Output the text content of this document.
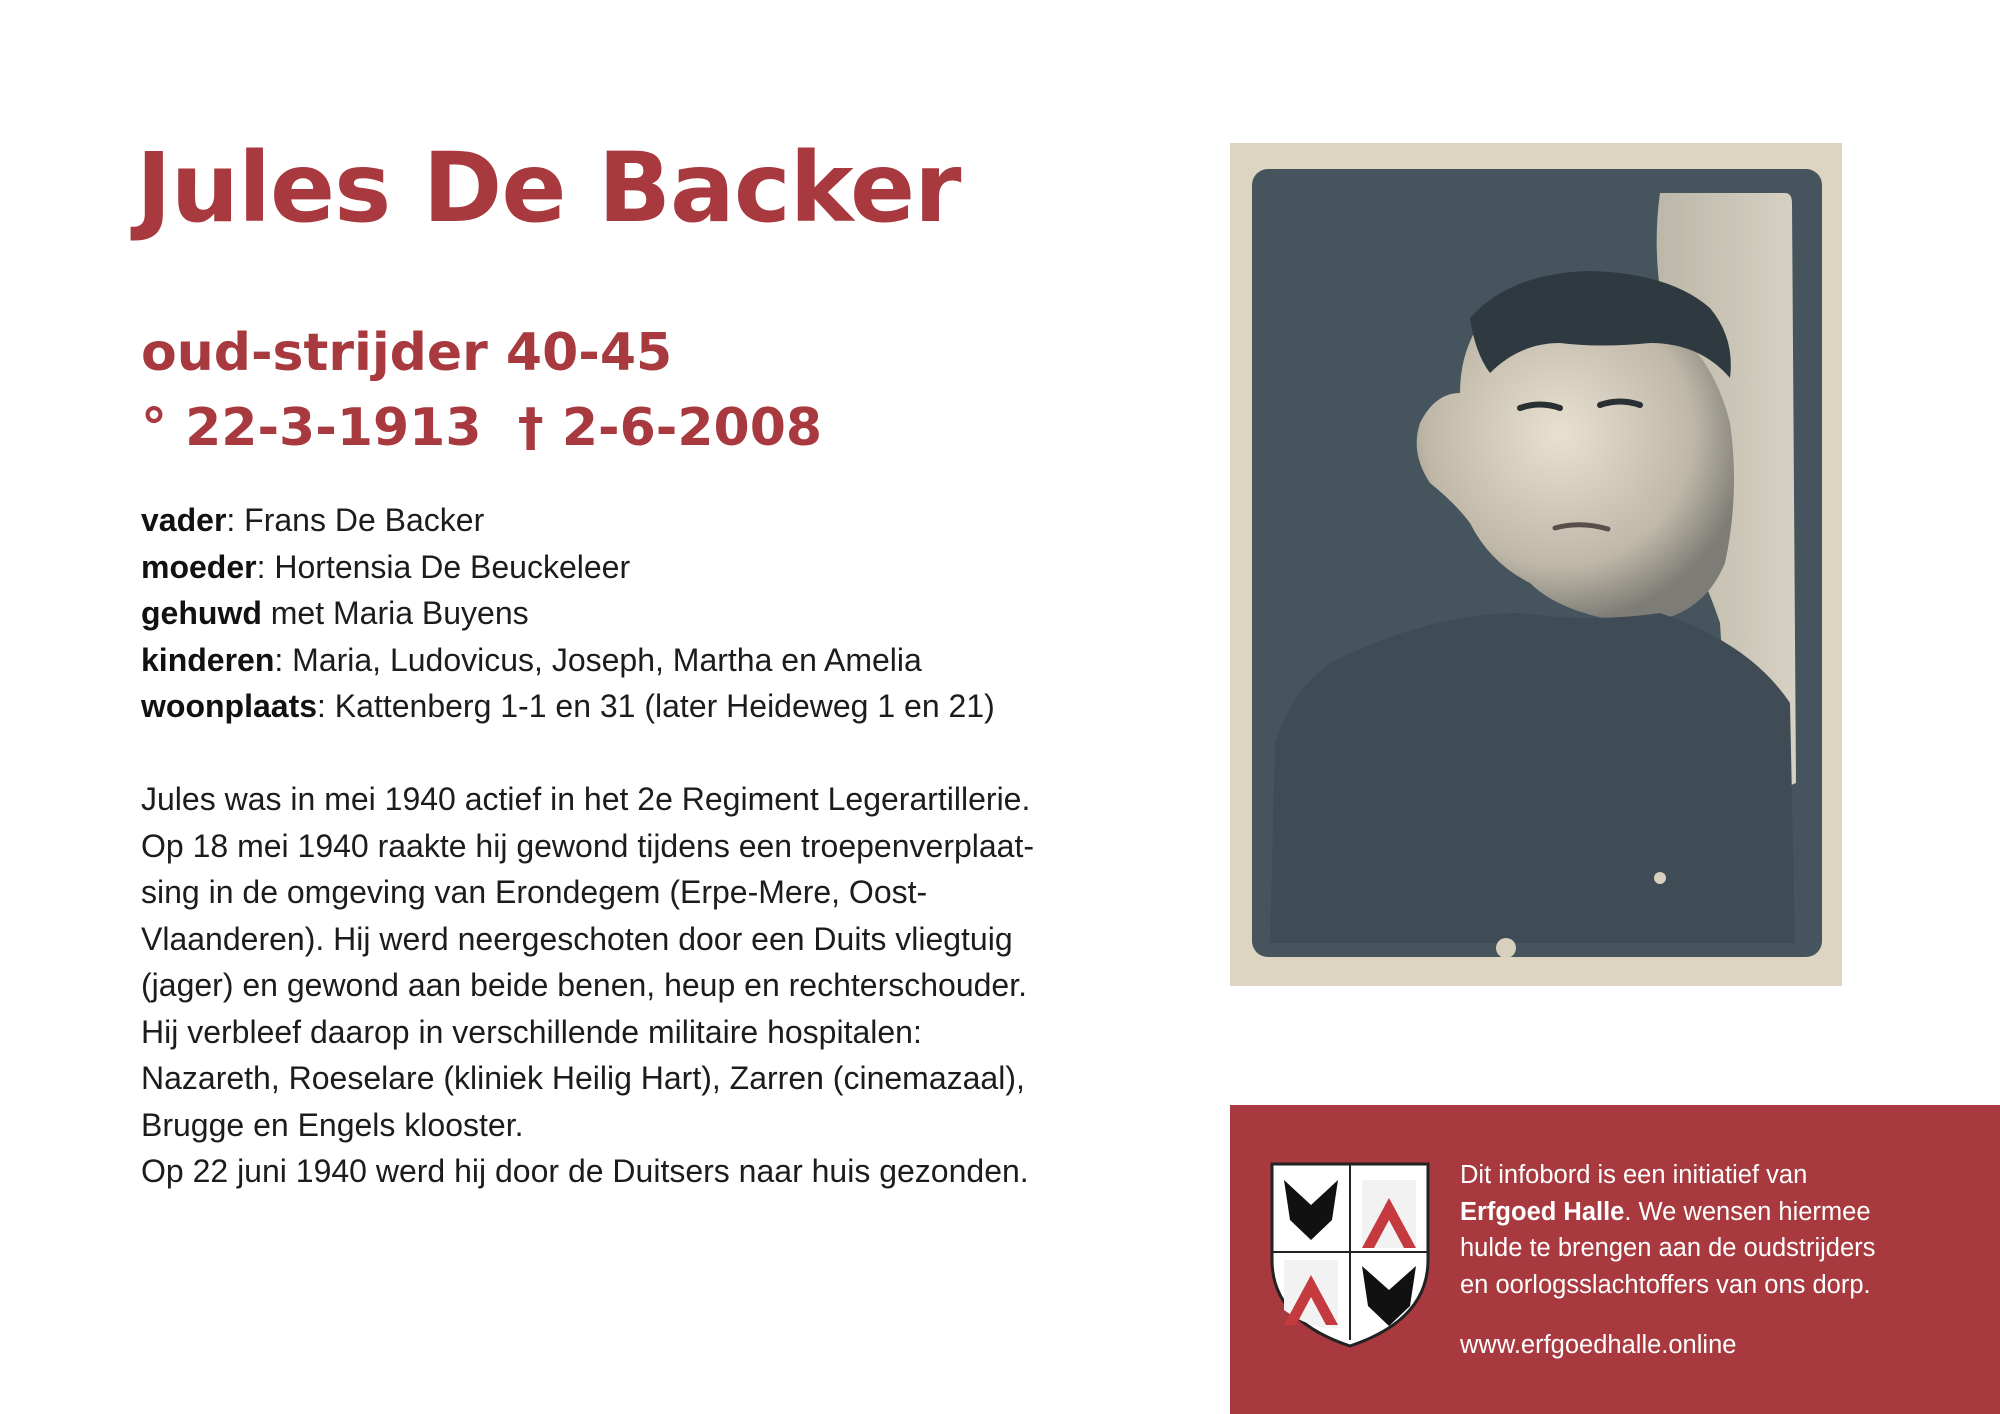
Jules De Backer
oud-strijder 40-45
° 22-3-1913  † 2-6-2008
vader: Frans De Backer
moeder: Hortensia De Beuckeleer
gehuwd met Maria Buyens
kinderen: Maria, Ludovicus, Joseph, Martha en Amelia
woonplaats: Kattenberg 1-1 en 31 (later Heideweg 1 en 21)
Jules was in mei 1940 actief in het 2e Regiment Legerartillerie.
Op 18 mei 1940 raakte hij gewond tijdens een troepenverplaat-
sing in de omgeving van Erondegem (Erpe-Mere, Oost-
Vlaanderen). Hij werd neergeschoten door een Duits vliegtuig
(jager) en gewond aan beide benen, heup en rechterschouder.
Hij verbleef daarop in verschillende militaire hospitalen:
Nazareth, Roeselare (kliniek Heilig Hart), Zarren (cinemazaal),
Brugge en Engels klooster.
Op 22 juni 1940 werd hij door de Duitsers naar huis gezonden.	Dit infobord is een initiatief van
Erfgoed Halle. We wensen hiermee
hulde te brengen aan de oudstrijders
en oorlogsslachtoffers van ons dorp.
www.erfgoedhalle.online
